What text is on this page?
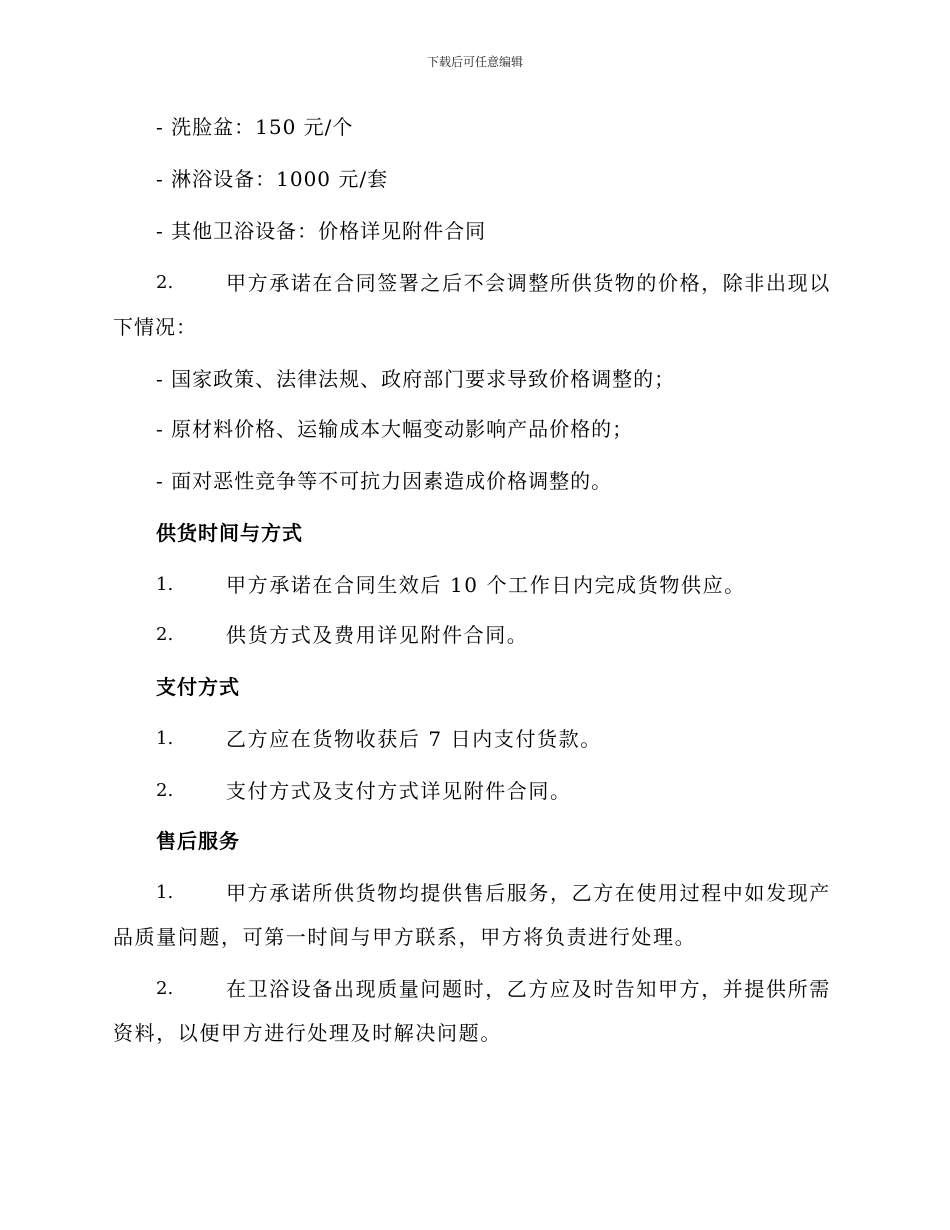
下载后可任意编辑
- 洗脸盆：150 元/个
- 淋浴设备：1000 元/套
- 其他卫浴设备：价格详见附件合同
2.	甲方承诺在合同签署之后不会调整所供货物的价格，除非出现以
下情况：
- 国家政策、法律法规、政府部门要求导致价格调整的；
- 原材料价格、运输成本大幅变动影响产品价格的；
- 面对恶性竞争等不可抗力因素造成价格调整的。
供货时间与方式
1.	甲方承诺在合同生效后 10 个工作日内完成货物供应。
2.	供货方式及费用详见附件合同。
支付方式
1.	乙方应在货物收获后 7 日内支付货款。
2.	支付方式及支付方式详见附件合同。
售后服务
1.	甲方承诺所供货物均提供售后服务，乙方在使用过程中如发现产
品质量问题，可第一时间与甲方联系，甲方将负责进行处理。
2.	在卫浴设备出现质量问题时，乙方应及时告知甲方，并提供所需
资料，以便甲方进行处理及时解决问题。
